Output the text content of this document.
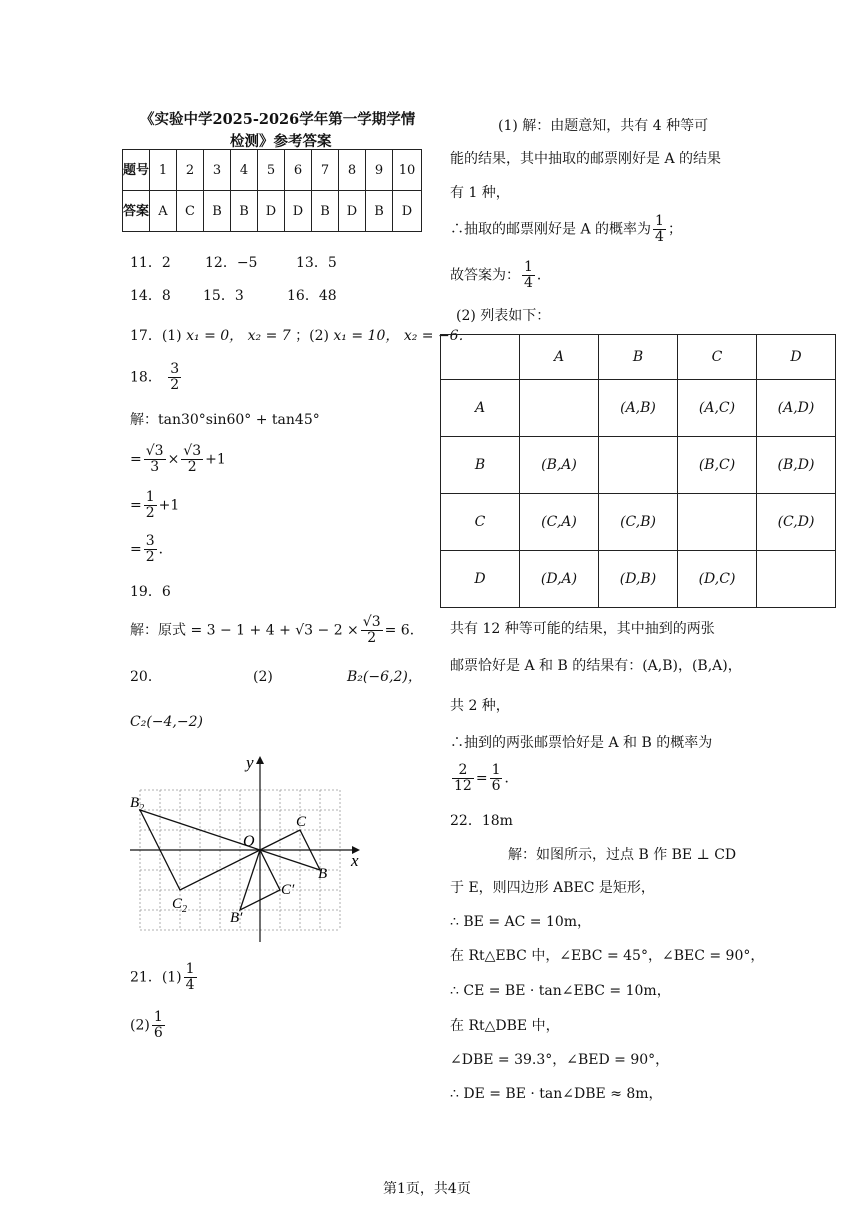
《实验中学2025-2026学年第一学期学情
检测》参考答案
题号	1	2	3	4	5	6	7	8	9	10
答案	A	C	B	B	D	D	B	D	B	D
11．2 12．−5	13．5
14．8 15．3	16．48
17．(1) x₁ = 0， x₂ = 7 ；(2) x₁ = 10， x₂ = −6．
18． $\frac{3}{2}$
解：tan30°sin60° + tan45°
= $\frac{√3}{3} \times \frac{√3}{2} +1$
= $\frac{1}{2} +1$
= $\frac{3}{2}$ ．
19．6
解：原式 = $3 - 1 + 4 + √3 - 2 \times \frac{√3}{2} = 6$．
20．	(2)	B₂(−6,2)，
C₂(−4,−2)
x
y
O
$B_2$
$C_2$
C
B
B′
C′
21．$(1) \frac{1}{4}$
$(2) \frac{1}{6}$
(1) 解：由题意知，共有 4 种等可
能的结果，其中抽取的邮票刚好是 A 的结果
有 1 种，
∴抽取的邮票刚好是 A 的概率为 $\frac{1}{4}$ ；
故答案为： $\frac{1}{4}$ ．
(2) 列表如下：
	A	B	C	D
A		(A,B)	(A,C)	(A,D)
B	(B,A)		(B,C)	(B,D)
C	(C,A)	(C,B)		(C,D)
D	(D,A)	(D,B)	(D,C)	
共有 12 种等可能的结果，其中抽到的两张
邮票恰好是 A 和 B 的结果有：(A,B)，(B,A)，
共 2 种，
∴抽到的两张邮票恰好是 A 和 B 的概率为
$\frac{2}{12} = \frac{1}{6}$ ．
22．18m
解：如图所示，过点 B 作 BE ⊥ CD
于 E，则四边形 ABEC 是矩形，
∴ BE = AC = 10m，
在 Rt△EBC 中，∠EBC = 45°，∠BEC = 90°，
∴ CE = BE · tan∠EBC = 10m，
在 Rt△DBE 中，
∠DBE = 39.3°，∠BED = 90°，
∴ DE = BE · tan∠DBE ≈ 8m，
第1页，共4页
